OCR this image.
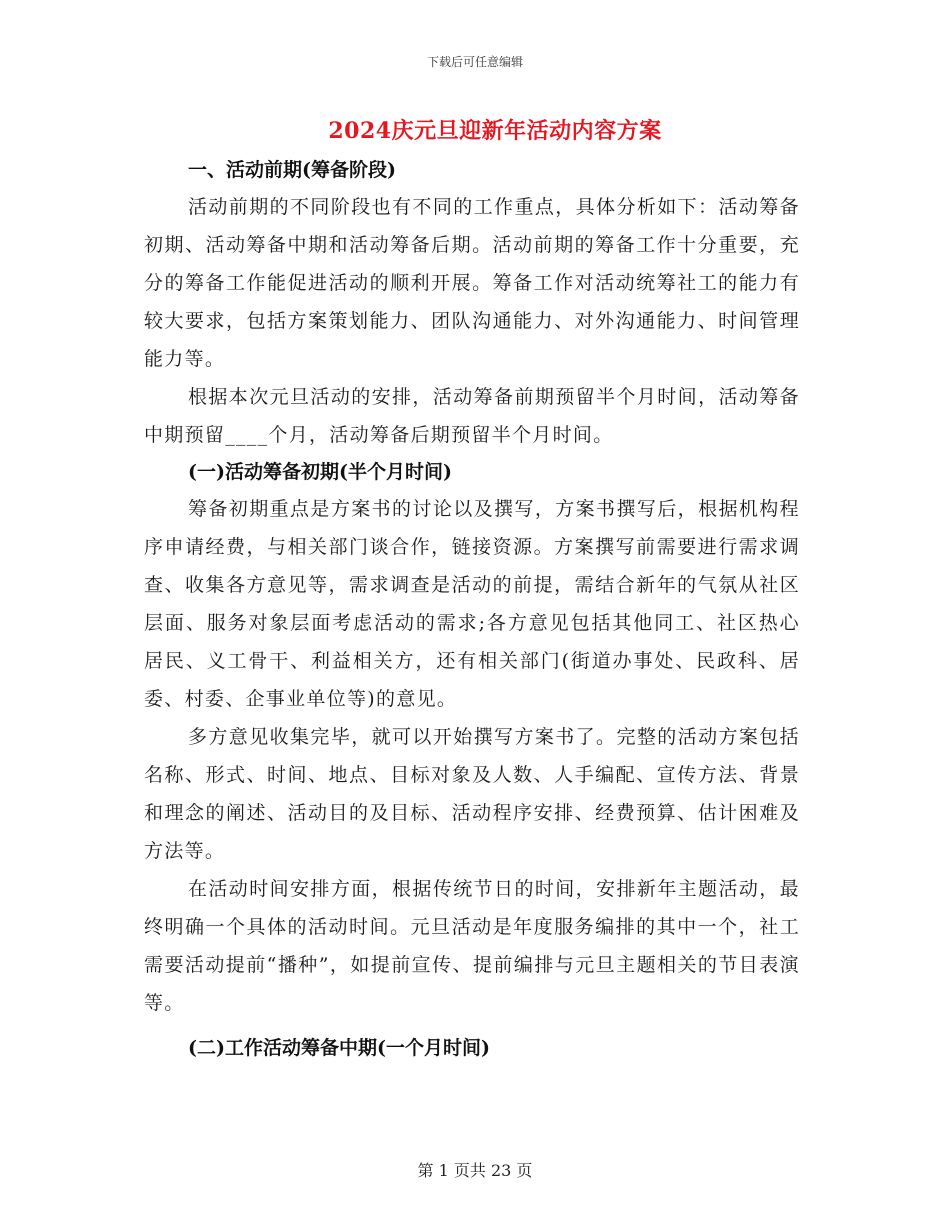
下载后可任意编辑
2024庆元旦迎新年活动内容方案

一、活动前期(筹备阶段)

活动前期的不同阶段也有不同的工作重点，具体分析如下：活动筹备初期、活动筹备中期和活动筹备后期。活动前期的筹备工作十分重要，充分的筹备工作能促进活动的顺利开展。筹备工作对活动统筹社工的能力有较大要求，包括方案策划能力、团队沟通能力、对外沟通能力、时间管理能力等。

根据本次元旦活动的安排，活动筹备前期预留半个月时间，活动筹备中期预留____个月，活动筹备后期预留半个月时间。

(一)活动筹备初期(半个月时间)

筹备初期重点是方案书的讨论以及撰写，方案书撰写后，根据机构程序申请经费，与相关部门谈合作，链接资源。方案撰写前需要进行需求调查、收集各方意见等，需求调查是活动的前提，需结合新年的气氛从社区层面、服务对象层面考虑活动的需求;各方意见包括其他同工、社区热心居民、义工骨干、利益相关方，还有相关部门(街道办事处、民政科、居委、村委、企事业单位等)的意见。

多方意见收集完毕，就可以开始撰写方案书了。完整的活动方案包括名称、形式、时间、地点、目标对象及人数、人手编配、宣传方法、背景和理念的阐述、活动目的及目标、活动程序安排、经费预算、估计困难及方法等。

在活动时间安排方面，根据传统节日的时间，安排新年主题活动，最终明确一个具体的活动时间。元旦活动是年度服务编排的其中一个，社工需要活动提前“播种”，如提前宣传、提前编排与元旦主题相关的节目表演等。

(二)工作活动筹备中期(一个月时间)

第 1 页共 23 页
